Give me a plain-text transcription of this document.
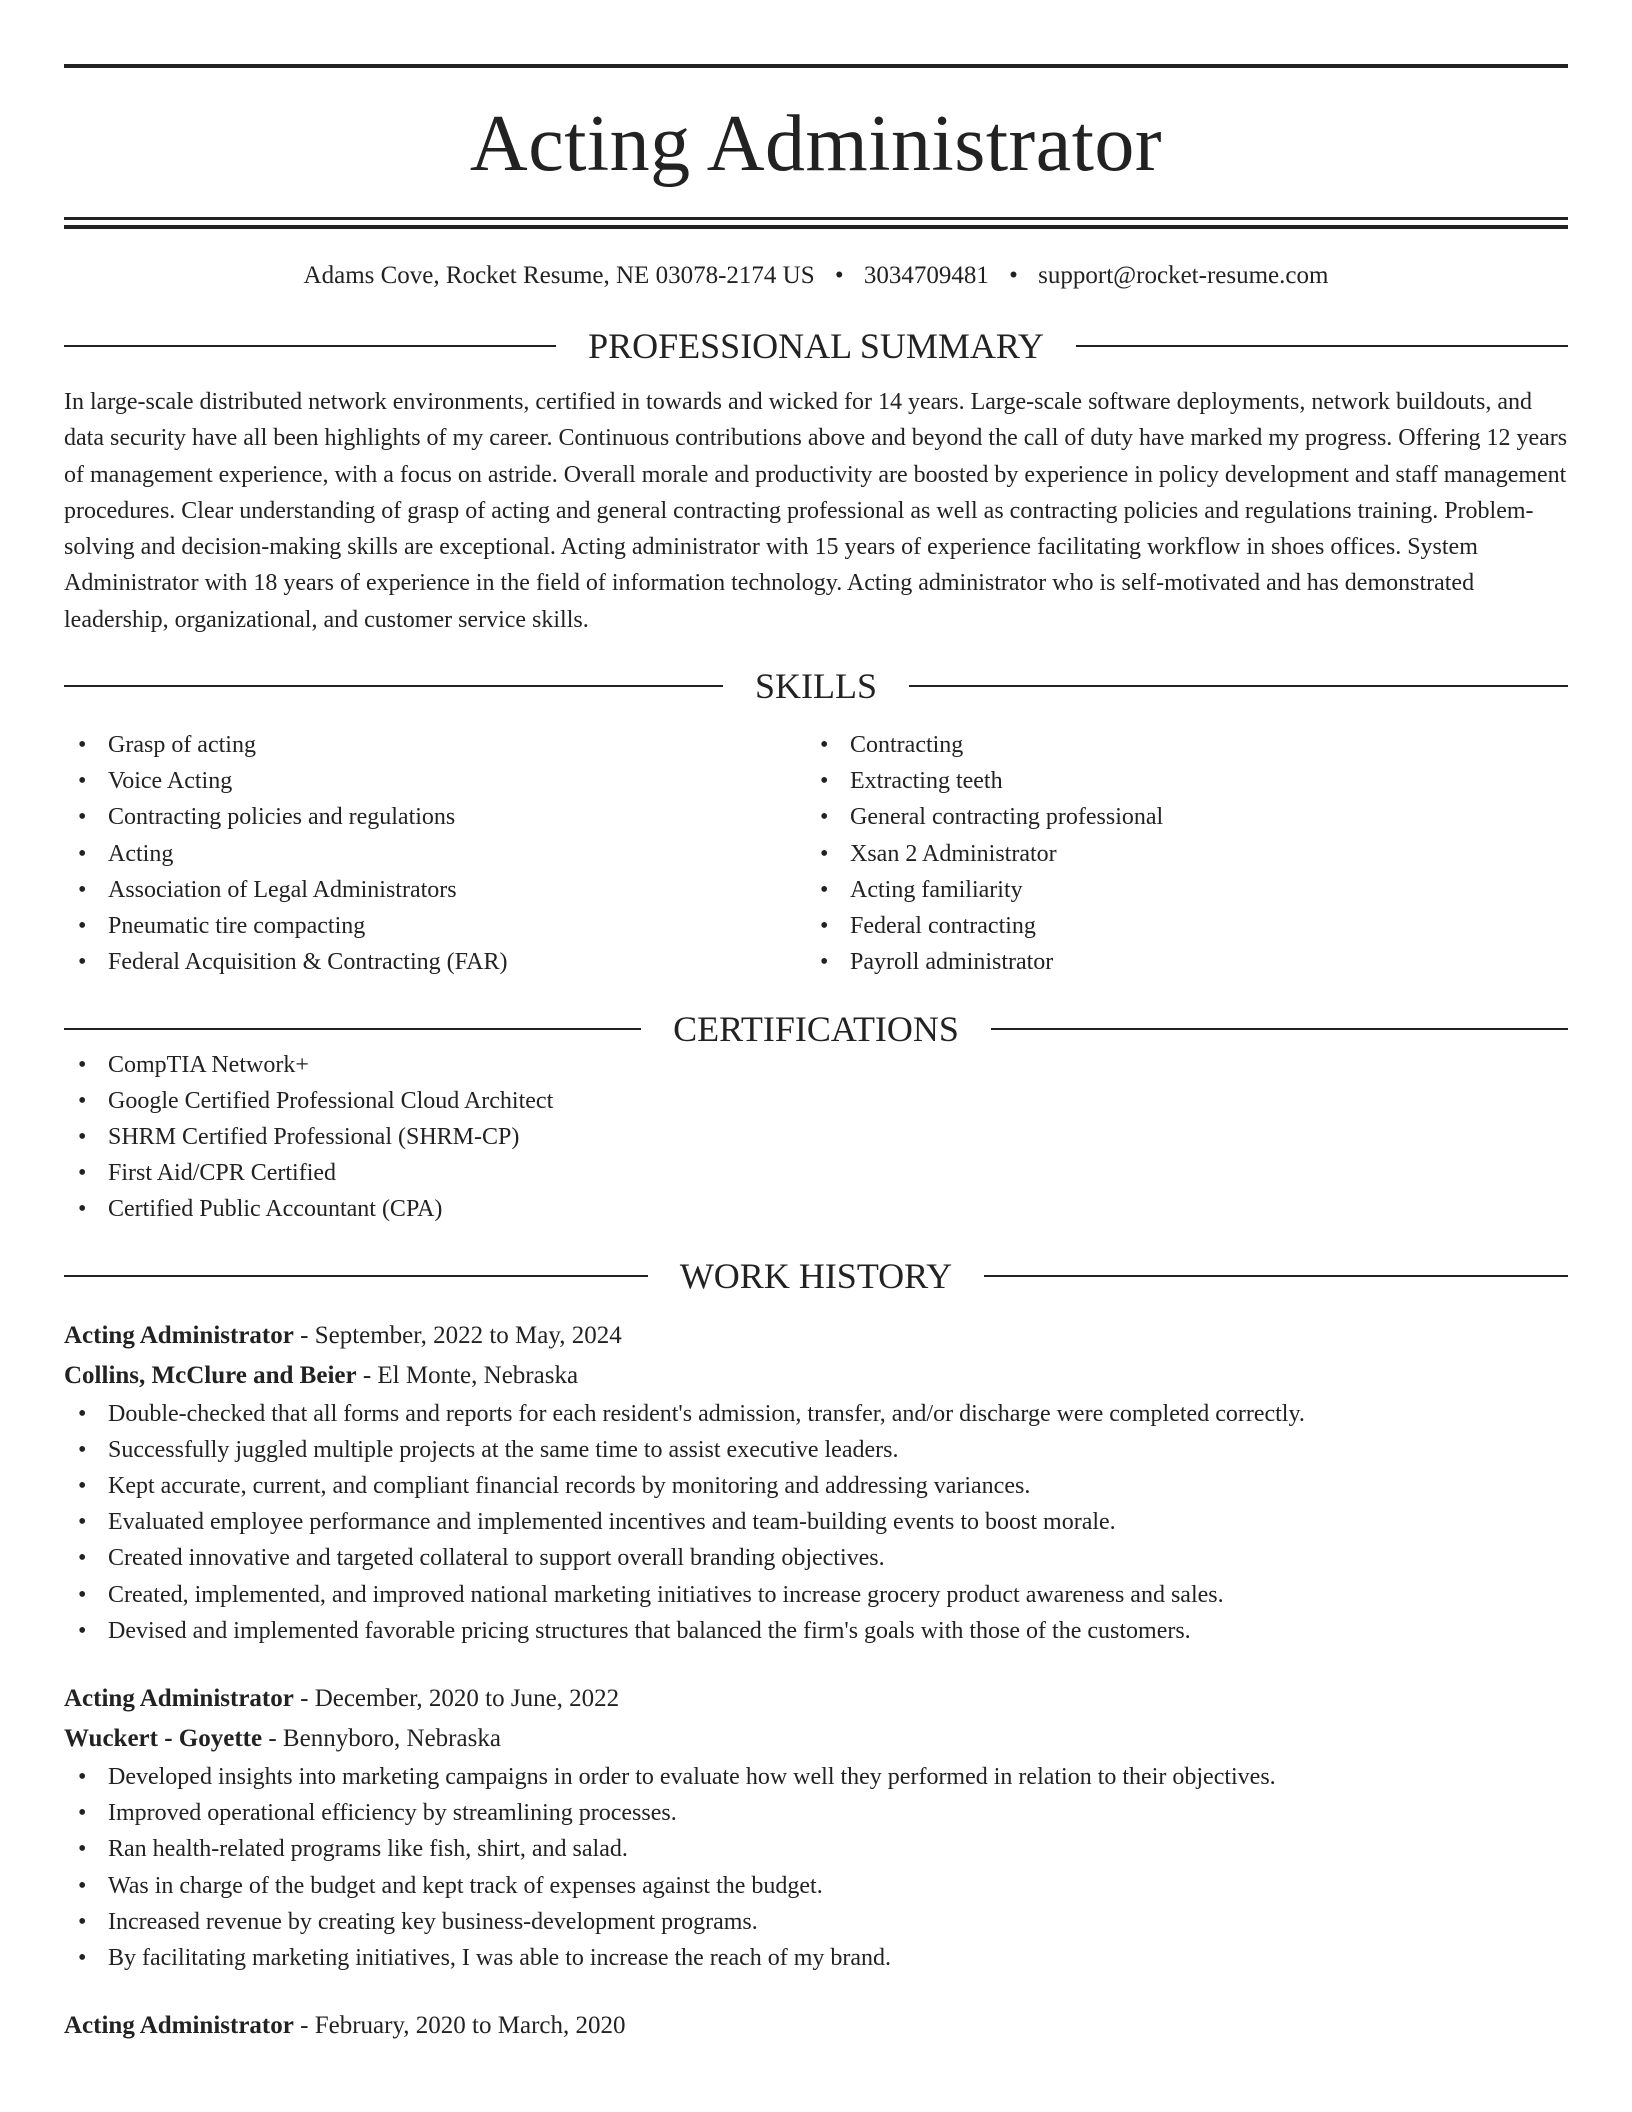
Acting Administrator
Adams Cove, Rocket Resume, NE 03078-2174 US • 3034709481 • support@rocket-resume.com
PROFESSIONAL SUMMARY
In large-scale distributed network environments, certified in towards and wicked for 14 years. Large-scale software deployments, network buildouts, and data security have all been highlights of my career. Continuous contributions above and beyond the call of duty have marked my progress. Offering 12 years of management experience, with a focus on astride. Overall morale and productivity are boosted by experience in policy development and staff management procedures. Clear understanding of grasp of acting and general contracting professional as well as contracting policies and regulations training. Problem-solving and decision-making skills are exceptional. Acting administrator with 15 years of experience facilitating workflow in shoes offices. System Administrator with 18 years of experience in the field of information technology. Acting administrator who is self-motivated and has demonstrated leadership, organizational, and customer service skills.
SKILLS
• Grasp of acting
• Voice Acting
• Contracting policies and regulations
• Acting
• Association of Legal Administrators
• Pneumatic tire compacting
• Federal Acquisition & Contracting (FAR)
• Contracting
• Extracting teeth
• General contracting professional
• Xsan 2 Administrator
• Acting familiarity
• Federal contracting
• Payroll administrator
CERTIFICATIONS
• CompTIA Network+
• Google Certified Professional Cloud Architect
• SHRM Certified Professional (SHRM-CP)
• First Aid/CPR Certified
• Certified Public Accountant (CPA)
WORK HISTORY
Acting Administrator - September, 2022 to May, 2024
Collins, McClure and Beier - El Monte, Nebraska
• Double-checked that all forms and reports for each resident's admission, transfer, and/or discharge were completed correctly.
• Successfully juggled multiple projects at the same time to assist executive leaders.
• Kept accurate, current, and compliant financial records by monitoring and addressing variances.
• Evaluated employee performance and implemented incentives and team-building events to boost morale.
• Created innovative and targeted collateral to support overall branding objectives.
• Created, implemented, and improved national marketing initiatives to increase grocery product awareness and sales.
• Devised and implemented favorable pricing structures that balanced the firm's goals with those of the customers.
Acting Administrator - December, 2020 to June, 2022
Wuckert - Goyette - Bennyboro, Nebraska
• Developed insights into marketing campaigns in order to evaluate how well they performed in relation to their objectives.
• Improved operational efficiency by streamlining processes.
• Ran health-related programs like fish, shirt, and salad.
• Was in charge of the budget and kept track of expenses against the budget.
• Increased revenue by creating key business-development programs.
• By facilitating marketing initiatives, I was able to increase the reach of my brand.
Acting Administrator - February, 2020 to March, 2020
